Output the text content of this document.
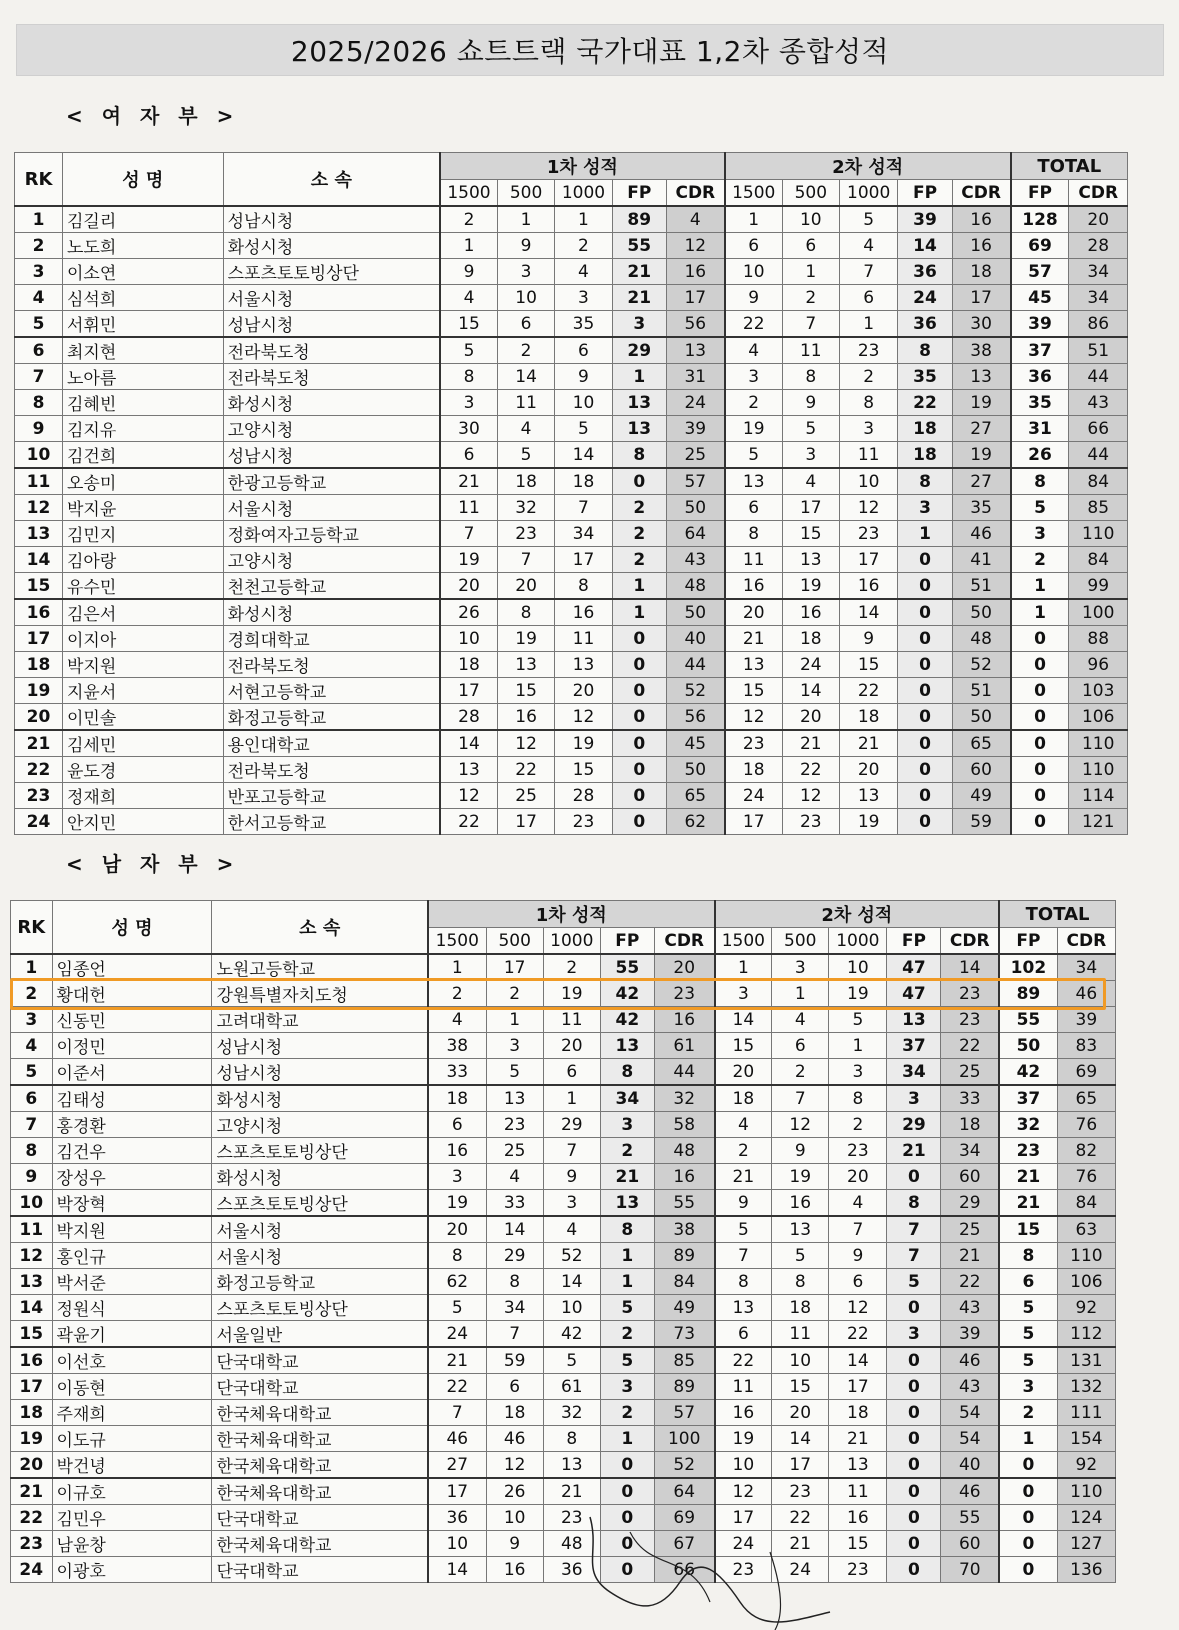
2025/2026 쇼트트랙 국가대표 1,2차 종합성적
< 여 자 부 >
RK	성 명	소 속	1차 성적					2차 성적					TOTAL	
			1500	500	1000	FP	CDR	1500	500	1000	FP	CDR	FP	CDR
1	김길리	성남시청	2	1	1	89	4	1	10	5	39	16	128	20
2	노도희	화성시청	1	9	2	55	12	6	6	4	14	16	69	28
3	이소연	스포츠토토빙상단	9	3	4	21	16	10	1	7	36	18	57	34
4	심석희	서울시청	4	10	3	21	17	9	2	6	24	17	45	34
5	서휘민	성남시청	15	6	35	3	56	22	7	1	36	30	39	86
6	최지현	전라북도청	5	2	6	29	13	4	11	23	8	38	37	51
7	노아름	전라북도청	8	14	9	1	31	3	8	2	35	13	36	44
8	김혜빈	화성시청	3	11	10	13	24	2	9	8	22	19	35	43
9	김지유	고양시청	30	4	5	13	39	19	5	3	18	27	31	66
10	김건희	성남시청	6	5	14	8	25	5	3	11	18	19	26	44
11	오송미	한광고등학교	21	18	18	0	57	13	4	10	8	27	8	84
12	박지윤	서울시청	11	32	7	2	50	6	17	12	3	35	5	85
13	김민지	정화여자고등학교	7	23	34	2	64	8	15	23	1	46	3	110
14	김아랑	고양시청	19	7	17	2	43	11	13	17	0	41	2	84
15	유수민	천천고등학교	20	20	8	1	48	16	19	16	0	51	1	99
16	김은서	화성시청	26	8	16	1	50	20	16	14	0	50	1	100
17	이지아	경희대학교	10	19	11	0	40	21	18	9	0	48	0	88
18	박지원	전라북도청	18	13	13	0	44	13	24	15	0	52	0	96
19	지윤서	서현고등학교	17	15	20	0	52	15	14	22	0	51	0	103
20	이민솔	화정고등학교	28	16	12	0	56	12	20	18	0	50	0	106
21	김세민	용인대학교	14	12	19	0	45	23	21	21	0	65	0	110
22	윤도경	전라북도청	13	22	15	0	50	18	22	20	0	60	0	110
23	정재희	반포고등학교	12	25	28	0	65	24	12	13	0	49	0	114
24	안지민	한서고등학교	22	17	23	0	62	17	23	19	0	59	0	121
< 남 자 부 >
RK	성 명	소 속	1차 성적					2차 성적					TOTAL	
			1500	500	1000	FP	CDR	1500	500	1000	FP	CDR	FP	CDR
1	임종언	노원고등학교	1	17	2	55	20	1	3	10	47	14	102	34
2	황대헌	강원특별자치도청	2	2	19	42	23	3	1	19	47	23	89	46
3	신동민	고려대학교	4	1	11	42	16	14	4	5	13	23	55	39
4	이정민	성남시청	38	3	20	13	61	15	6	1	37	22	50	83
5	이준서	성남시청	33	5	6	8	44	20	2	3	34	25	42	69
6	김태성	화성시청	18	13	1	34	32	18	7	8	3	33	37	65
7	홍경환	고양시청	6	23	29	3	58	4	12	2	29	18	32	76
8	김건우	스포츠토토빙상단	16	25	7	2	48	2	9	23	21	34	23	82
9	장성우	화성시청	3	4	9	21	16	21	19	20	0	60	21	76
10	박장혁	스포츠토토빙상단	19	33	3	13	55	9	16	4	8	29	21	84
11	박지원	서울시청	20	14	4	8	38	5	13	7	7	25	15	63
12	홍인규	서울시청	8	29	52	1	89	7	5	9	7	21	8	110
13	박서준	화정고등학교	62	8	14	1	84	8	8	6	5	22	6	106
14	정원식	스포츠토토빙상단	5	34	10	5	49	13	18	12	0	43	5	92
15	곽윤기	서울일반	24	7	42	2	73	6	11	22	3	39	5	112
16	이선호	단국대학교	21	59	5	5	85	22	10	14	0	46	5	131
17	이동현	단국대학교	22	6	61	3	89	11	15	17	0	43	3	132
18	주재희	한국체육대학교	7	18	32	2	57	16	20	18	0	54	2	111
19	이도규	한국체육대학교	46	46	8	1	100	19	14	21	0	54	1	154
20	박건녕	한국체육대학교	27	12	13	0	52	10	17	13	0	40	0	92
21	이규호	한국체육대학교	17	26	21	0	64	12	23	11	0	46	0	110
22	김민우	단국대학교	36	10	23	0	69	17	22	16	0	55	0	124
23	남윤창	한국체육대학교	10	9	48	0	67	24	21	15	0	60	0	127
24	이광호	단국대학교	14	16	36	0	66	23	24	23	0	70	0	136
